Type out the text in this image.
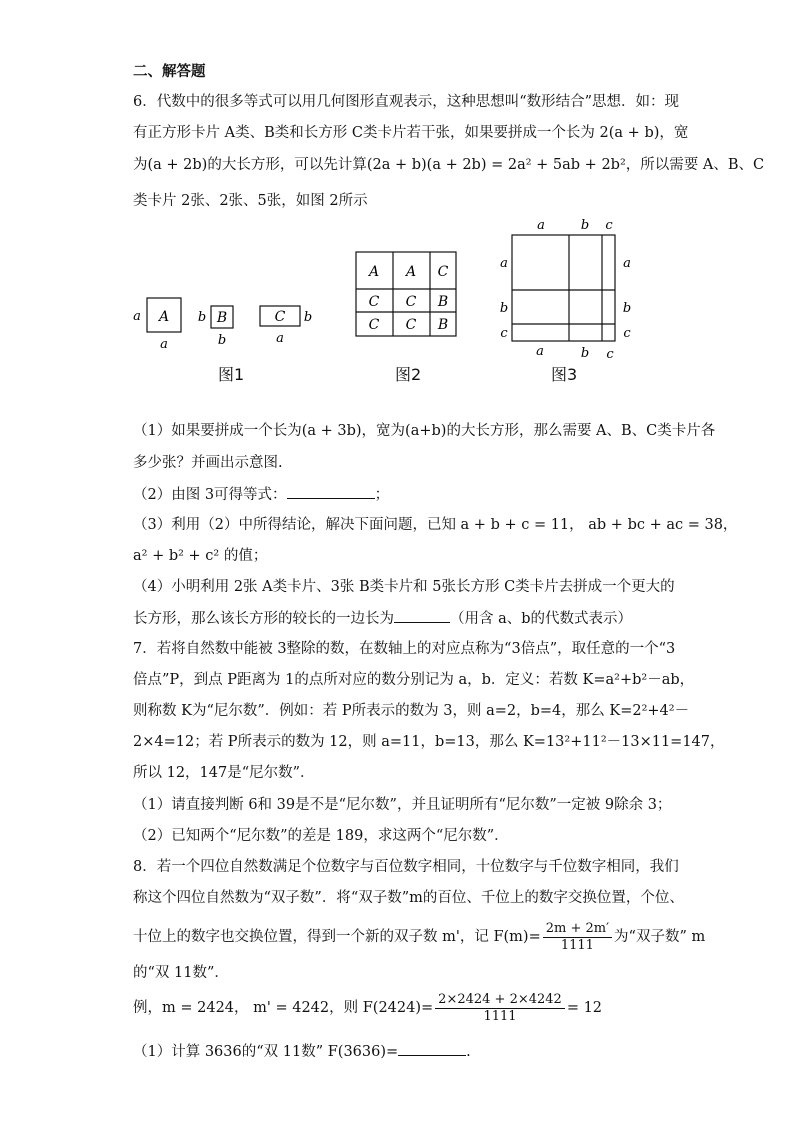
二、解答题
6．代数中的很多等式可以用几何图形直观表示，这种思想叫“数形结合”思想．如：现
有正方形卡片 A类、B类和长方形 C类卡片若干张，如果要拼成一个长为 2(a + b)，宽
为(a + 2b)的大长方形，可以先计算(2a + b)(a + 2b) = 2a² + 5ab + 2b²，所以需要 A、B、C
类卡片 2张、2张、5张，如图 2所示
A
a
a
B
b
b
C
a
b
图1
A A C
C C B
C C B
图2
a	b c
a	b c
a
b
c
a
b
c
图3
（1）如果要拼成一个长为(a + 3b)，宽为(a+b)的大长方形，那么需要 A、B、C类卡片各
多少张？并画出示意图.
（2）由图 3可得等式：	；
（3）利用（2）中所得结论，解决下面问题，已知 a + b + c = 11， ab + bc + ac = 38，
a² + b² + c² 的值；
（4）小明利用 2张 A类卡片、3张 B类卡片和 5张长方形 C类卡片去拼成一个更大的
长方形，那么该长方形的较长的一边长为	（用含 a、b的代数式表示）
7．若将自然数中能被 3整除的数，在数轴上的对应点称为“3倍点”，取任意的一个“3
倍点”P，到点 P距离为 1的点所对应的数分别记为 a，b．定义：若数 K=a²+b²－ab，
则称数 K为“尼尔数”．例如：若 P所表示的数为 3，则 a=2，b=4，那么 K=2²+4²－
2×4=12；若 P所表示的数为 12，则 a=11，b=13，那么 K=13²+11²－13×11=147，
所以 12，147是“尼尔数”．
（1）请直接判断 6和 39是不是“尼尔数”，并且证明所有“尼尔数”一定被 9除余 3；
（2）已知两个“尼尔数”的差是 189，求这两个“尼尔数”．
8．若一个四位自然数满足个位数字与百位数字相同，十位数字与千位数字相同，我们
称这个四位自然数为“双子数”．将“双子数”m的百位、千位上的数字交换位置，个位、
十位上的数字也交换位置，得到一个新的双子数 m'，记 $F(m)= \frac{2m + 2m'}{1111}$ 为“双子数” m
的“双 11数”．
例，m = 2424， m' = 4242，则 $F(2424)= \frac{2\times 2424 + 2\times 4242}{1111} = 12$
（1）计算 3636的“双 11数” F(3636)=	.
